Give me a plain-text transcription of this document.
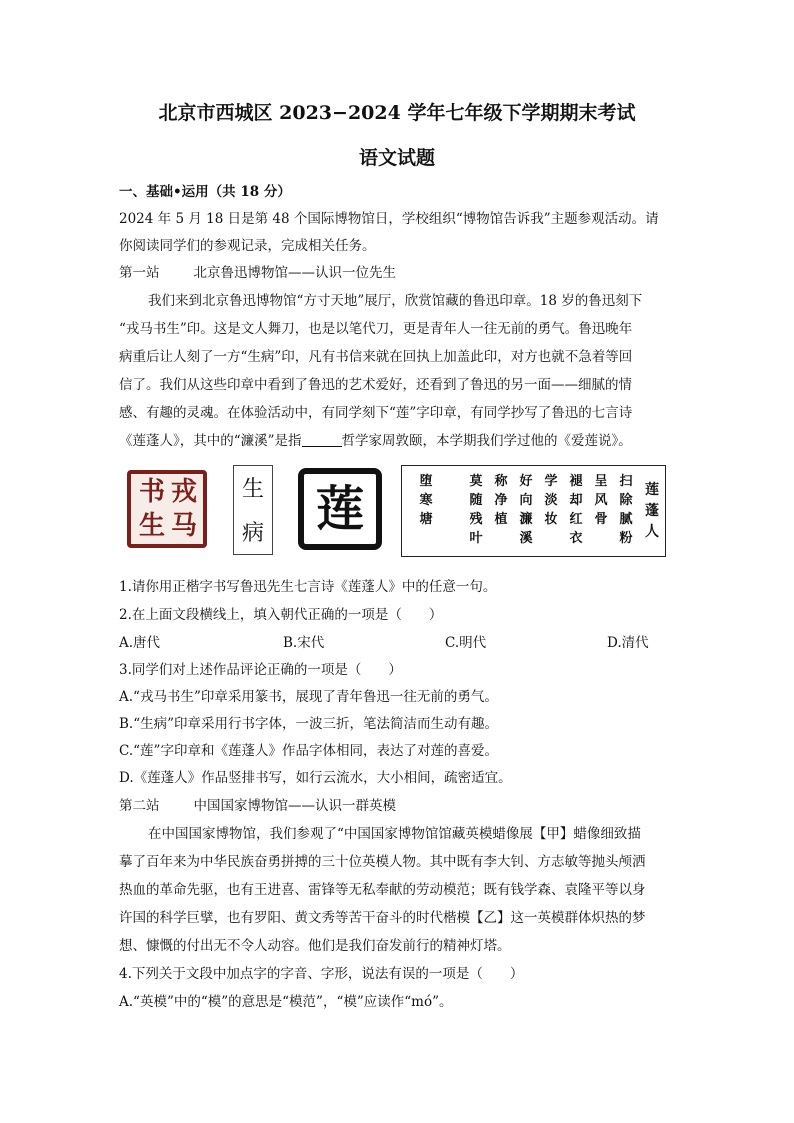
北京市西城区 2023−2024 学年七年级下学期期末考试
语文试题
一、基础•运用（共 18 分）
2024 年 5 月 18 日是第 48 个国际博物馆日，学校组织“博物馆告诉我”主题参观活动。请
你阅读同学们的参观记录，完成相关任务。
第一站	北京鲁迅博物馆——认识一位先生
我们来到北京鲁迅博物馆“方寸天地”展厅，欣赏馆藏的鲁迅印章。18 岁的鲁迅刻下
“戎马书生”印。这是文人舞刀，也是以笔代刀，更是青年人一往无前的勇气。鲁迅晚年
病重后让人刻了一方“生病”印，凡有书信来就在回执上加盖此印，对方也就不急着等回
信了。我们从这些印章中看到了鲁迅的艺术爱好，还看到了鲁迅的另一面——细腻的情
感、有趣的灵魂。在体验活动中，有同学刻下“莲”字印章，有同学抄写了鲁迅的七言诗
《莲蓬人》，其中的“濂溪”是指	哲学家周敦颐，本学期我们学过他的《爱莲说》。
戎
马
书
生
生
病	莲	扫
除
腻
粉
呈
风
骨
褪
却
红
衣
学
淡
妆
好
向
濂
溪
称
净
植
莫
随
残
叶
堕
寒
塘
莲
蓬
人
1.请你用正楷字书写鲁迅先生七言诗《莲蓬人》中的任意一句。
2.在上面文段横线上，填入朝代正确的一项是（　　）
A.唐代	B.宋代	C.明代	D.清代
3.同学们对上述作品评论正确的一项是（　　）
A.“戎马书生”印章采用篆书，展现了青年鲁迅一往无前的勇气。
B.“生病”印章采用行书字体，一波三折，笔法简洁而生动有趣。
C.“莲”字印章和《莲蓬人》作品字体相同，表达了对莲的喜爱。
D.《莲蓬人》作品竖排书写，如行云流水，大小相间，疏密适宜。
第二站	中国国家博物馆——认识一群英模
在中国国家博物馆，我们参观了“中国国家博物馆馆藏英模蜡像展【甲】蜡像细致描
摹了百年来为中华民族奋勇拼搏的三十位英模人物。其中既有李大钊、方志敏等抛头颅洒
热血的革命先驱，也有王进喜、雷锋等无私奉献的劳动模范；既有钱学森、袁隆平等以身
许国的科学巨擘，也有罗阳、黄文秀等苦干奋斗的时代楷模【乙】这一英模群体炽热的梦
想、慷慨的付出无不令人动容。他们是我们奋发前行的精神灯塔。
4.下列关于文段中加点字的字音、字形，说法有误的一项是（　　）
A.“英模”中的“模”的意思是“模范”，“模”应读作“mó”。
